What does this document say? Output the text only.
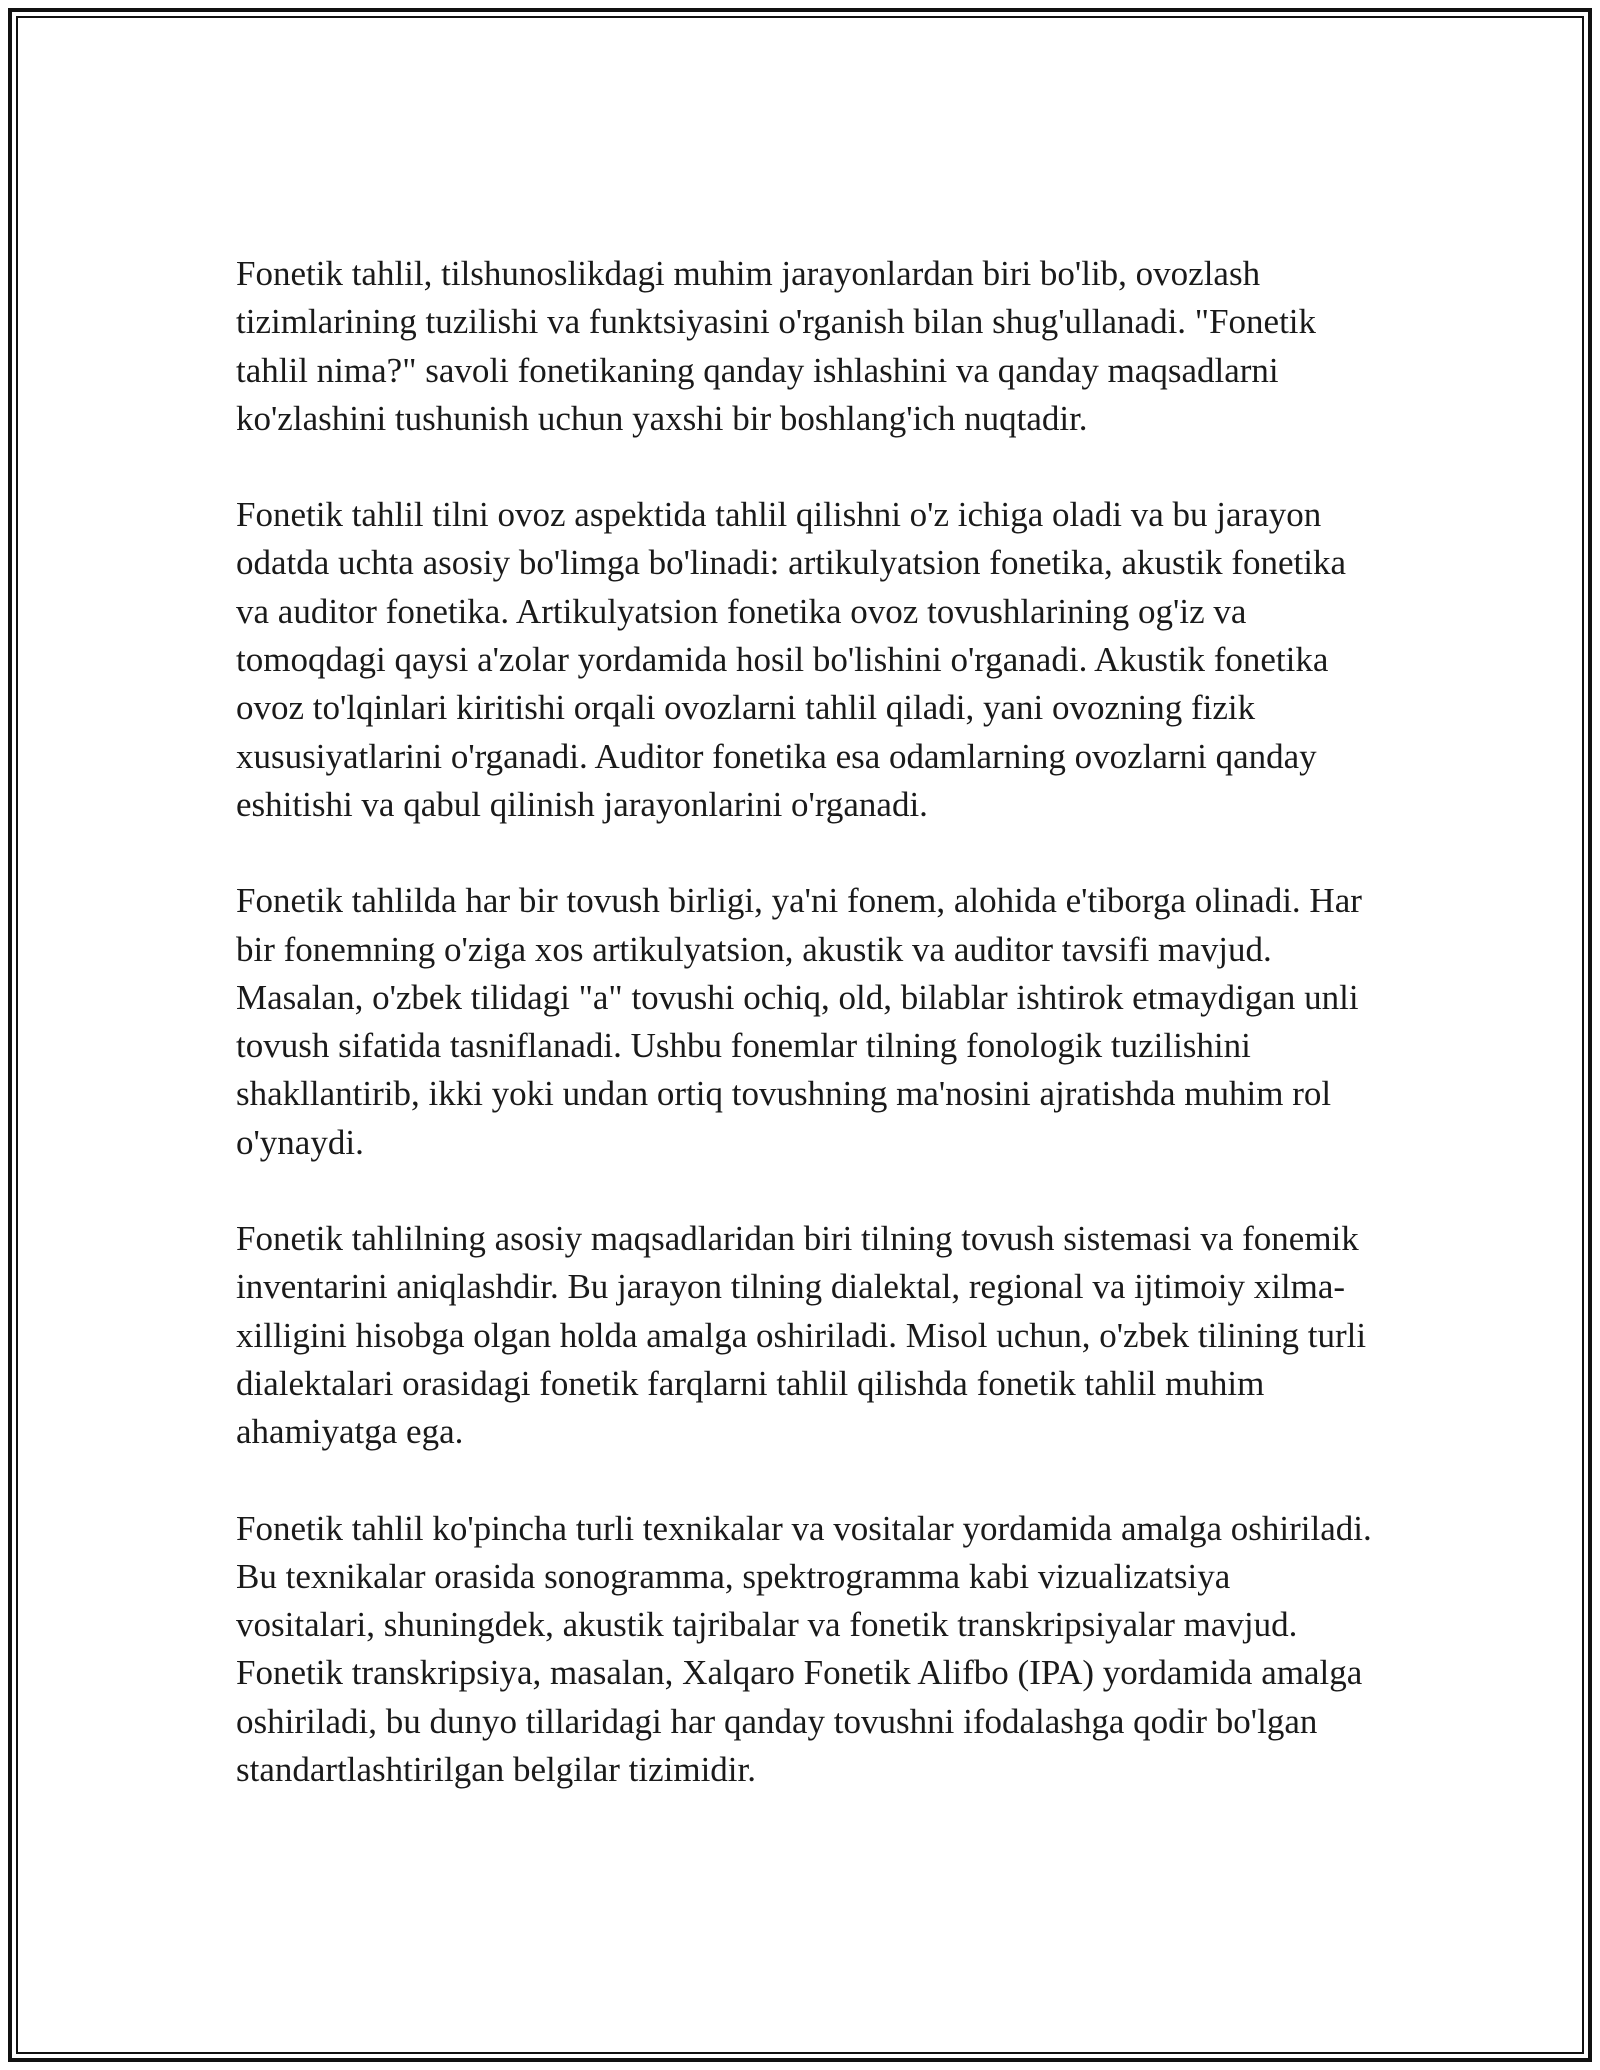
Fonetik tahlil, tilshunoslikdagi muhim jarayonlardan biri bo'lib, ovozlash tizimlarining tuzilishi va funktsiyasini o'rganish bilan shug'ullanadi. "Fonetik tahlil nima?" savoli fonetikaning qanday ishlashini va qanday maqsadlarni ko'zlashini tushunish uchun yaxshi bir boshlang'ich nuqtadir.

Fonetik tahlil tilni ovoz aspektida tahlil qilishni o'z ichiga oladi va bu jarayon odatda uchta asosiy bo'limga bo'linadi: artikulyatsion fonetika, akustik fonetika va auditor fonetika. Artikulyatsion fonetika ovoz tovushlarining og'iz va tomoqdagi qaysi a'zolar yordamida hosil bo'lishini o'rganadi. Akustik fonetika ovoz to'lqinlari kiritishi orqali ovozlarni tahlil qiladi, yani ovozning fizik xususiyatlarini o'rganadi. Auditor fonetika esa odamlarning ovozlarni qanday eshitishi va qabul qilinish jarayonlarini o'rganadi.

Fonetik tahlilda har bir tovush birligi, ya'ni fonem, alohida e'tiborga olinadi. Har bir fonemning o'ziga xos artikulyatsion, akustik va auditor tavsifi mavjud. Masalan, o'zbek tilidagi "a" tovushi ochiq, old, bilablar ishtirok etmaydigan unli tovush sifatida tasniflanadi. Ushbu fonemlar tilning fonologik tuzilishini shakllantirib, ikki yoki undan ortiq tovushning ma'nosini ajratishda muhim rol o'ynaydi.

Fonetik tahlilning asosiy maqsadlaridan biri tilning tovush sistemasi va fonemik inventarini aniqlashdir. Bu jarayon tilning dialektal, regional va ijtimoiy xilma-xilligini hisobga olgan holda amalga oshiriladi. Misol uchun, o'zbek tilining turli dialektalari orasidagi fonetik farqlarni tahlil qilishda fonetik tahlil muhim ahamiyatga ega.

Fonetik tahlil ko'pincha turli texnikalar va vositalar yordamida amalga oshiriladi. Bu texnikalar orasida sonogramma, spektrogramma kabi vizualizatsiya vositalari, shuningdek, akustik tajribalar va fonetik transkripsiyalar mavjud. Fonetik transkripsiya, masalan, Xalqaro Fonetik Alifbo (IPA) yordamida amalga oshiriladi, bu dunyo tillaridagi har qanday tovushni ifodalashga qodir bo'lgan standartlashtirilgan belgilar tizimidir.
